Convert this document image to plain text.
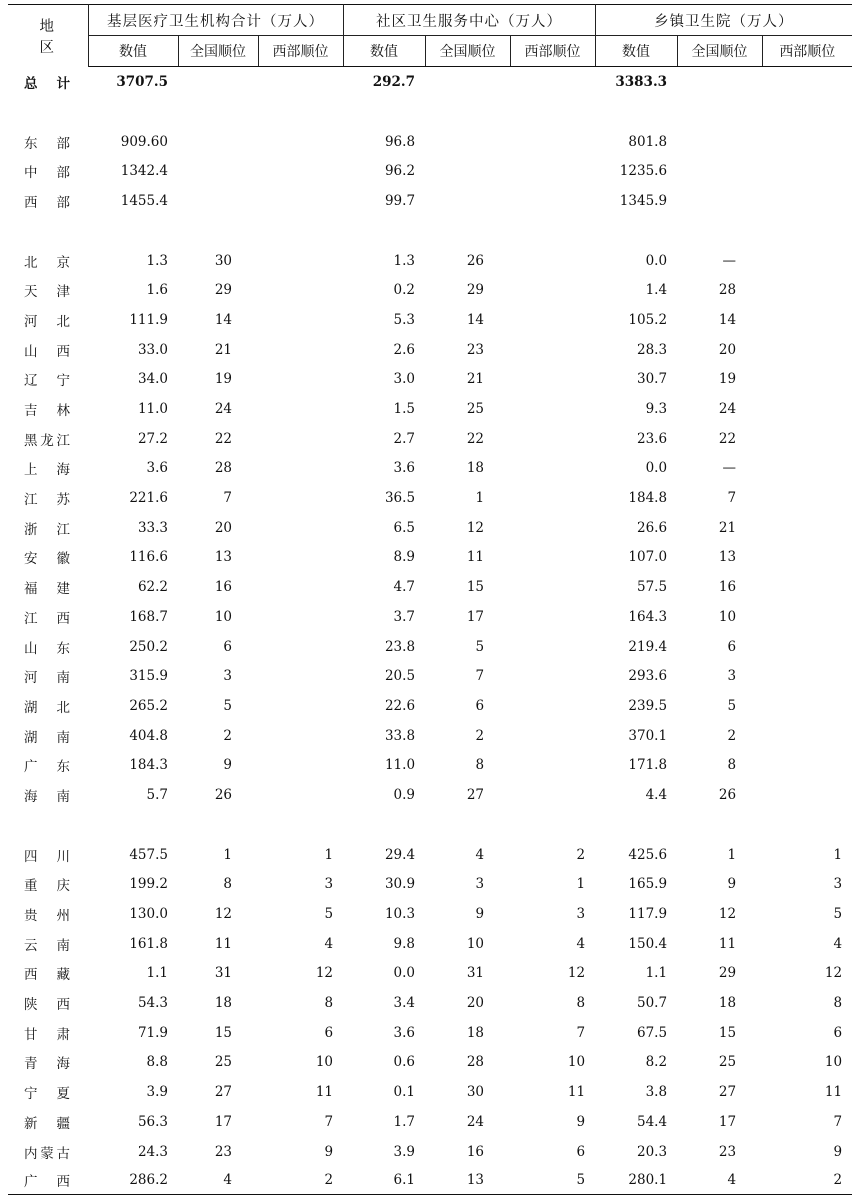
地 区	基层医疗卫生机构合计（万人）			社区卫生服务中心（万人）			乡镇卫生院（万人）		
	数值	全国顺位	西部顺位	数值	全国顺位	西部顺位	数值	全国顺位	西部顺位
总 计	3707.5			292.7			3383.3		

东 部	909.60			96.8			801.8		
中 部	1342.4			96.2			1235.6		
西 部	1455.4			99.7			1345.9		

北 京	1.3	30		1.3	26		0.0	—	
天 津	1.6	29		0.2	29		1.4	28	
河 北	111.9	14		5.3	14		105.2	14	
山 西	33.0	21		2.6	23		28.3	20	
辽 宁	34.0	19		3.0	21		30.7	19	
吉 林	11.0	24		1.5	25		9.3	24	
黑龙江	27.2	22		2.7	22		23.6	22	
上 海	3.6	28		3.6	18		0.0	—	
江 苏	221.6	7		36.5	1		184.8	7	
浙 江	33.3	20		6.5	12		26.6	21	
安 徽	116.6	13		8.9	11		107.0	13	
福 建	62.2	16		4.7	15		57.5	16	
江 西	168.7	10		3.7	17		164.3	10	
山 东	250.2	6		23.8	5		219.4	6	
河 南	315.9	3		20.5	7		293.6	3	
湖 北	265.2	5		22.6	6		239.5	5	
湖 南	404.8	2		33.8	2		370.1	2	
广 东	184.3	9		11.0	8		171.8	8	
海 南	5.7	26		0.9	27		4.4	26	

四 川	457.5	1	1	29.4	4	2	425.6	1	1
重 庆	199.2	8	3	30.9	3	1	165.9	9	3
贵 州	130.0	12	5	10.3	9	3	117.9	12	5
云 南	161.8	11	4	9.8	10	4	150.4	11	4
西 藏	1.1	31	12	0.0	31	12	1.1	29	12
陕 西	54.3	18	8	3.4	20	8	50.7	18	8
甘 肃	71.9	15	6	3.6	18	7	67.5	15	6
青 海	8.8	25	10	0.6	28	10	8.2	25	10
宁 夏	3.9	27	11	0.1	30	11	3.8	27	11
新 疆	56.3	17	7	1.7	24	9	54.4	17	7
内蒙古	24.3	23	9	3.9	16	6	20.3	23	9
广 西	286.2	4	2	6.1	13	5	280.1	4	2
